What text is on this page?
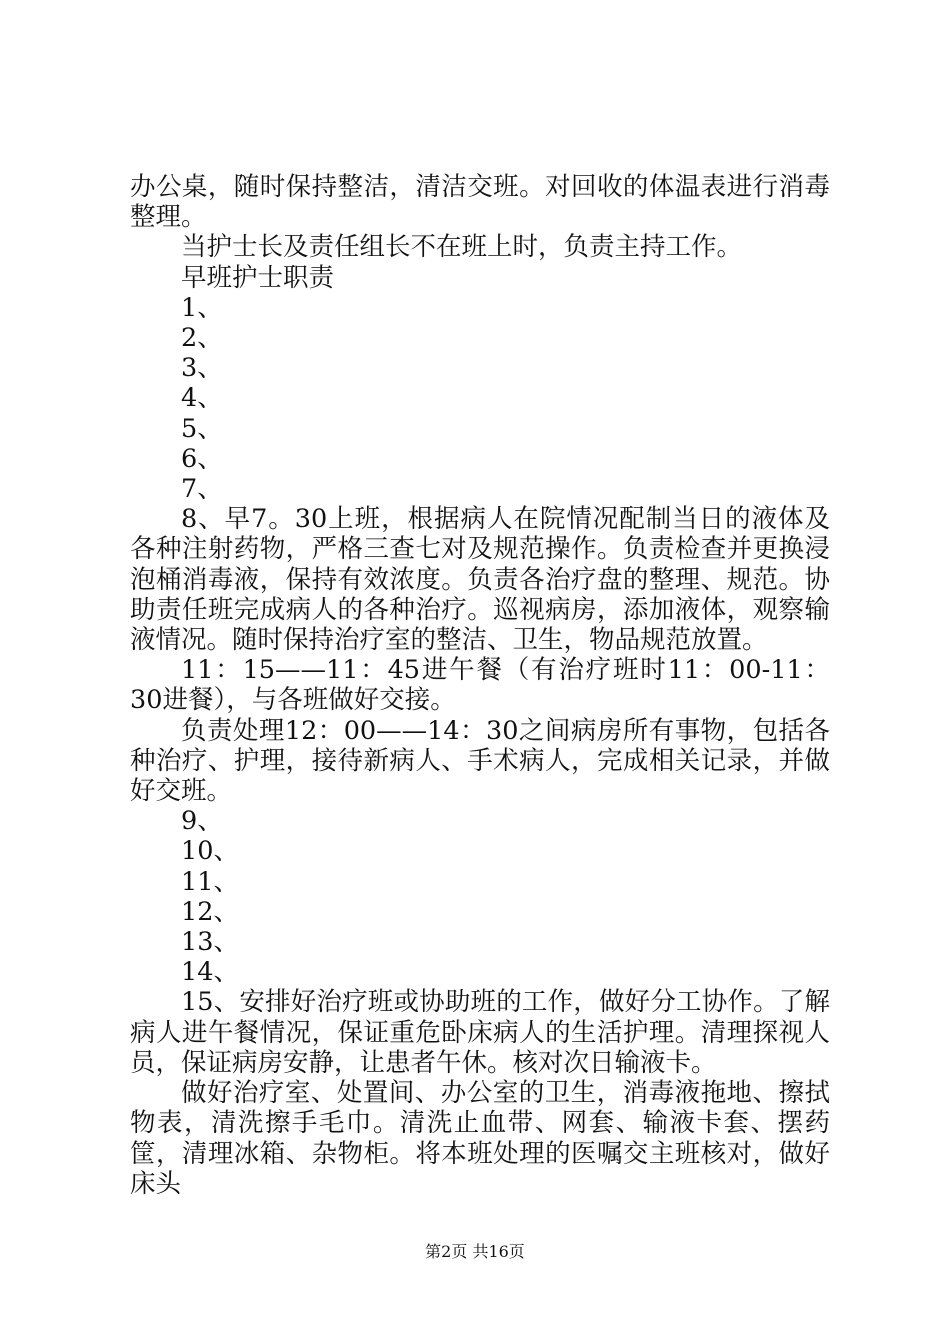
办公桌，随时保持整洁，清洁交班。对回收的体温表进行消毒整理。

当护士长及责任组长不在班上时，负责主持工作。

早班护士职责

1、

2、

3、

4、

5、

6、

7、

8、早7。30上班，根据病人在院情况配制当日的液体及各种注射药物，严格三查七对及规范操作。负责检查并更换浸泡桶消毒液，保持有效浓度。负责各治疗盘的整理、规范。协助责任班完成病人的各种治疗。巡视病房，添加液体，观察输液情况。随时保持治疗室的整洁、卫生，物品规范放置。

11：15——11：45进午餐（有治疗班时11：00-11：30进餐），与各班做好交接。

负责处理12：00——14：30之间病房所有事物，包括各种治疗、护理，接待新病人、手术病人，完成相关记录，并做好交班。

9、

10、

11、

12、

13、

14、

15、安排好治疗班或协助班的工作，做好分工协作。了解病人进午餐情况，保证重危卧床病人的生活护理。清理探视人员，保证病房安静，让患者午休。核对次日输液卡。

做好治疗室、处置间、办公室的卫生，消毒液拖地、擦拭物表，清洗擦手毛巾。清洗止血带、网套、输液卡套、摆药筐，清理冰箱、杂物柜。将本班处理的医嘱交主班核对，做好床头

第2页 共16页
